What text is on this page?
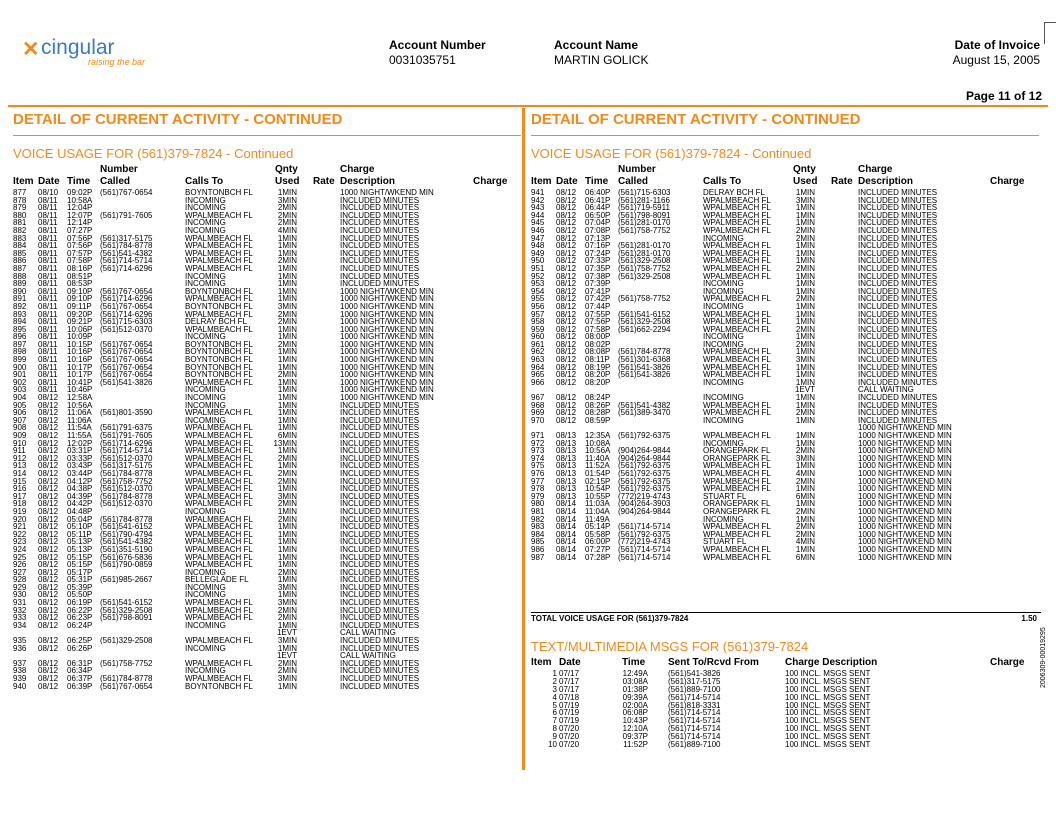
✕ cingular
raising the bar
Account Number
0031035751
Account Name
MARTIN GOLICK
Date of Invoice
August 15, 2005
Page 11 of 12
DETAIL OF CURRENT ACTIVITY - CONTINUED
VOICE USAGE FOR (561)379-7824 - Continued
Number	Qnty	Charge
Item Date Time Called	Calls To	Used Rate Description	Charge
877 08/10 09:02P (561)767-0654	BOYNTONBCH FL	1MIN	1000 NIGHT/WKEND MIN
878 08/11 10:58A	INCOMING	3MIN	INCLUDED MINUTES
879 08/11 12:04P	INCOMING	2MIN	INCLUDED MINUTES
880 08/11 12:07P (561)791-7605	WPALMBEACH FL	2MIN	INCLUDED MINUTES
881 08/11 12:14P	INCOMING	2MIN	INCLUDED MINUTES
882 08/11 07:27P	INCOMING	4MIN	INCLUDED MINUTES
883 08/11 07:56P (561)317-5175	WPALMBEACH FL	1MIN	INCLUDED MINUTES
884 08/11 07:56P (561)784-8778	WPALMBEACH FL	1MIN	INCLUDED MINUTES
885 08/11 07:57P (561)541-4382	WPALMBEACH FL	1MIN	INCLUDED MINUTES
886 08/11 07:58P (561)714-5714	WPALMBEACH FL	2MIN	INCLUDED MINUTES
887 08/11 08:16P (561)714-6296	WPALMBEACH FL	1MIN	INCLUDED MINUTES
888 08/11 08:51P	INCOMING	1MIN	INCLUDED MINUTES
889 08/11 08:53P	INCOMING	1MIN	INCLUDED MINUTES
890 08/11 09:10P (561)767-0654	BOYNTONBCH FL	1MIN	1000 NIGHT/WKEND MIN
891 08/11 09:10P (561)714-6296	WPALMBEACH FL	1MIN	1000 NIGHT/WKEND MIN
892 08/11 09:11P (561)767-0654	BOYNTONBCH FL	3MIN	1000 NIGHT/WKEND MIN
893 08/11 09:20P (561)714-6296	WPALMBEACH FL	2MIN	1000 NIGHT/WKEND MIN
894 08/11 09:21P (561)715-6303	DELRAY BCH FL	2MIN	1000 NIGHT/WKEND MIN
895 08/11 10:06P (561)512-0370	WPALMBEACH FL	1MIN	1000 NIGHT/WKEND MIN
896 08/11 10:09P	INCOMING	1MIN	1000 NIGHT/WKEND MIN
897 08/11 10:15P (561)767-0654	BOYNTONBCH FL	2MIN	1000 NIGHT/WKEND MIN
898 08/11 10:16P (561)767-0654	BOYNTONBCH FL	1MIN	1000 NIGHT/WKEND MIN
899 08/11 10:16P (561)767-0654	BOYNTONBCH FL	1MIN	1000 NIGHT/WKEND MIN
900 08/11 10:17P (561)767-0654	BOYNTONBCH FL	1MIN	1000 NIGHT/WKEND MIN
901 08/11 10:17P (561)767-0654	BOYNTONBCH FL	2MIN	1000 NIGHT/WKEND MIN
902 08/11 10:41P (561)541-3826	WPALMBEACH FL	1MIN	1000 NIGHT/WKEND MIN
903 08/11 10:46P	INCOMING	1MIN	1000 NIGHT/WKEND MIN
904 08/12 12:58A	INCOMING	1MIN	1000 NIGHT/WKEND MIN
905 08/12 10:56A	INCOMING	1MIN	INCLUDED MINUTES
906 08/12 11:06A (561)801-3590	WPALMBEACH FL	1MIN	INCLUDED MINUTES
907 08/12 11:06A	INCOMING	1MIN	INCLUDED MINUTES
908 08/12 11:54A (561)791-6375	WPALMBEACH FL	1MIN	INCLUDED MINUTES
909 08/12 11:55A (561)791-7605	WPALMBEACH FL	6MIN	INCLUDED MINUTES
910 08/12 12:02P (561)714-6296	WPALMBEACH FL	13MIN	INCLUDED MINUTES
911 08/12 03:31P (561)714-5714	WPALMBEACH FL	1MIN	INCLUDED MINUTES
912 08/12 03:33P (561)512-0370	WPALMBEACH FL	2MIN	INCLUDED MINUTES
913 08/12 03:43P (561)317-5175	WPALMBEACH FL	1MIN	INCLUDED MINUTES
914 08/12 03:44P (561)784-8778	WPALMBEACH FL	2MIN	INCLUDED MINUTES
915 08/12 04:12P (561)758-7752	WPALMBEACH FL	2MIN	INCLUDED MINUTES
916 08/12 04:38P (561)512-0370	WPALMBEACH FL	1MIN	INCLUDED MINUTES
917 08/12 04:39P (561)784-8778	WPALMBEACH FL	3MIN	INCLUDED MINUTES
918 08/12 04:42P (561)512-0370	WPALMBEACH FL	2MIN	INCLUDED MINUTES
919 08/12 04:48P	INCOMING	1MIN	INCLUDED MINUTES
920 08/12 05:04P (561)784-8778	WPALMBEACH FL	2MIN	INCLUDED MINUTES
921 08/12 05:10P (561)541-6152	WPALMBEACH FL	1MIN	INCLUDED MINUTES
922 08/12 05:11P (561)790-4794	WPALMBEACH FL	1MIN	INCLUDED MINUTES
923 08/12 05:13P (561)541-4382	WPALMBEACH FL	1MIN	INCLUDED MINUTES
924 08/12 05:13P (561)351-5190	WPALMBEACH FL	1MIN	INCLUDED MINUTES
925 08/12 05:15P (561)676-5836	WPALMBEACH FL	1MIN	INCLUDED MINUTES
926 08/12 05:15P (561)790-0859	WPALMBEACH FL	1MIN	INCLUDED MINUTES
927 08/12 05:17P	INCOMING	2MIN	INCLUDED MINUTES
928 08/12 05:31P (561)985-2667	BELLEGLADE FL	1MIN	INCLUDED MINUTES
929 08/12 05:39P	INCOMING	3MIN	INCLUDED MINUTES
930 08/12 05:50P	INCOMING	1MIN	INCLUDED MINUTES
931 08/12 06:19P (561)541-6152	WPALMBEACH FL	3MIN	INCLUDED MINUTES
932 08/12 06:22P (561)329-2508	WPALMBEACH FL	2MIN	INCLUDED MINUTES
933 08/12 06:23P (561)798-8091	WPALMBEACH FL	2MIN	INCLUDED MINUTES
934 08/12 06:24P	INCOMING	1MIN	INCLUDED MINUTES
1EVT	CALL WAITING
935 08/12 06:25P (561)329-2508	WPALMBEACH FL	3MIN	INCLUDED MINUTES
936 08/12 06:26P	INCOMING	1MIN	INCLUDED MINUTES
1EVT	CALL WAITING
937 08/12 06:31P (561)758-7752	WPALMBEACH FL	2MIN	INCLUDED MINUTES
938 08/12 06:34P	INCOMING	2MIN	INCLUDED MINUTES
939 08/12 06:37P (561)784-8778	WPALMBEACH FL	3MIN	INCLUDED MINUTES
940 08/12 06:39P (561)767-0654	BOYNTONBCH FL	1MIN	INCLUDED MINUTES
DETAIL OF CURRENT ACTIVITY - CONTINUED
VOICE USAGE FOR (561)379-7824 - Continued
Number	Qnty	Charge
Item Date Time Called	Calls To	Used Rate Description	Charge
941 08/12 06:40P (561)715-6303	DELRAY BCH FL	1MIN	INCLUDED MINUTES
942 08/12 06:41P (561)281-1166	WPALMBEACH FL	3MIN	INCLUDED MINUTES
943 08/12 06:44P (561)719-5911	WPALMBEACH FL	1MIN	INCLUDED MINUTES
944 08/12 06:50P (561)798-8091	WPALMBEACH FL	1MIN	INCLUDED MINUTES
945 08/12 07:04P (561)281-0170	WPALMBEACH FL	1MIN	INCLUDED MINUTES
946 08/12 07:08P (561)758-7752	WPALMBEACH FL	2MIN	INCLUDED MINUTES
947 08/12 07:13P	INCOMING	2MIN	INCLUDED MINUTES
948 08/12 07:16P (561)281-0170	WPALMBEACH FL	1MIN	INCLUDED MINUTES
949 08/12 07:24P (561)281-0170	WPALMBEACH FL	1MIN	INCLUDED MINUTES
950 08/12 07:33P (561)329-2508	WPALMBEACH FL	1MIN	INCLUDED MINUTES
951 08/12 07:35P (561)758-7752	WPALMBEACH FL	2MIN	INCLUDED MINUTES
952 08/12 07:38P (561)329-2508	WPALMBEACH FL	1MIN	INCLUDED MINUTES
953 08/12 07:39P	INCOMING	1MIN	INCLUDED MINUTES
954 08/12 07:41P	INCOMING	1MIN	INCLUDED MINUTES
955 08/12 07:42P (561)758-7752	WPALMBEACH FL	2MIN	INCLUDED MINUTES
956 08/12 07:44P	INCOMING	1MIN	INCLUDED MINUTES
957 08/12 07:55P (561)541-6152	WPALMBEACH FL	1MIN	INCLUDED MINUTES
958 08/12 07:56P (561)329-2508	WPALMBEACH FL	1MIN	INCLUDED MINUTES
959 08/12 07:58P (561)662-2294	WPALMBEACH FL	2MIN	INCLUDED MINUTES
960 08/12 08:00P	INCOMING	1MIN	INCLUDED MINUTES
961 08/12 08:02P	INCOMING	2MIN	INCLUDED MINUTES
962 08/12 08:08P (561)784-8778	WPALMBEACH FL	1MIN	INCLUDED MINUTES
963 08/12 08:11P (561)301-6368	WPALMBEACH FL	3MIN	INCLUDED MINUTES
964 08/12 08:19P (561)541-3826	WPALMBEACH FL	1MIN	INCLUDED MINUTES
965 08/12 08:20P (561)541-3826	WPALMBEACH FL	1MIN	INCLUDED MINUTES
966 08/12 08:20P	INCOMING	1MIN	INCLUDED MINUTES
1EVT	CALL WAITING
967 08/12 08:24P	INCOMING	1MIN	INCLUDED MINUTES
968 08/12 08:26P (561)541-4382	WPALMBEACH FL	1MIN	INCLUDED MINUTES
969 08/12 08:28P (561)389-3470	WPALMBEACH FL	2MIN	INCLUDED MINUTES
970 08/12 08:59P	INCOMING	1MIN	INCLUDED MINUTES
1000 NIGHT/WKEND MIN
971 08/13 12:35A (561)792-6375	WPALMBEACH FL	1MIN	1000 NIGHT/WKEND MIN
972 08/13 10:08A	INCOMING	1MIN	1000 NIGHT/WKEND MIN
973 08/13 10:56A (904)264-9844	ORANGEPARK FL	2MIN	1000 NIGHT/WKEND MIN
974 08/13 11:40A (904)264-9844	ORANGEPARK FL	3MIN	1000 NIGHT/WKEND MIN
975 08/13 11:52A (561)792-6375	WPALMBEACH FL	1MIN	1000 NIGHT/WKEND MIN
976 08/13 01:54P (561)792-6375	WPALMBEACH FL	4MIN	1000 NIGHT/WKEND MIN
977 08/13 02:15P (561)792-6375	WPALMBEACH FL	2MIN	1000 NIGHT/WKEND MIN
978 08/13 10:54P (561)792-6375	WPALMBEACH FL	1MIN	1000 NIGHT/WKEND MIN
979 08/13 10:55P (772)219-4743	STUART FL	6MIN	1000 NIGHT/WKEND MIN
980 08/14 11:03A (904)264-3903	ORANGEPARK FL	1MIN	1000 NIGHT/WKEND MIN
981 08/14 11:04A (904)264-9844	ORANGEPARK FL	2MIN	1000 NIGHT/WKEND MIN
982 08/14 11:49A	INCOMING	1MIN	1000 NIGHT/WKEND MIN
983 08/14 05:14P (561)714-5714	WPALMBEACH FL	2MIN	1000 NIGHT/WKEND MIN
984 08/14 05:58P (561)792-6375	WPALMBEACH FL	2MIN	1000 NIGHT/WKEND MIN
985 08/14 06:00P (772)219-4743	STUART FL	4MIN	1000 NIGHT/WKEND MIN
986 08/14 07:27P (561)714-5714	WPALMBEACH FL	1MIN	1000 NIGHT/WKEND MIN
987 08/14 07:28P (561)714-5714	WPALMBEACH FL	6MIN	1000 NIGHT/WKEND MIN
TOTAL VOICE USAGE FOR (561)379-7824	1.50
TEXT/MULTIMEDIA MSGS FOR (561)379-7824
Item Date	Time Sent To/Rcvd From	Charge Description	Charge
1 07/17	12:49A	(561)541-3826	100 INCL. MSGS SENT
2 07/17	03:08A	(561)317-5175	100 INCL. MSGS SENT
3 07/17	01:38P	(561)889-7100	100 INCL. MSGS SENT
4 07/18	09:39A	(561)714-5714	100 INCL. MSGS SENT
5 07/19	02:00A	(561)818-3331	100 INCL. MSGS SENT
6 07/19	06:08P	(561)714-5714	100 INCL. MSGS SENT
7 07/19	10:43P	(561)714-5714	100 INCL. MSGS SENT
8 07/20	12:10A	(561)714-5714	100 INCL. MSGS SENT
9 07/20	09:37P	(561)714-5714	100 INCL. MSGS SENT
10 07/20	11:52P	(561)889-7100	100 INCL. MSGS SENT
2006309-00019295
